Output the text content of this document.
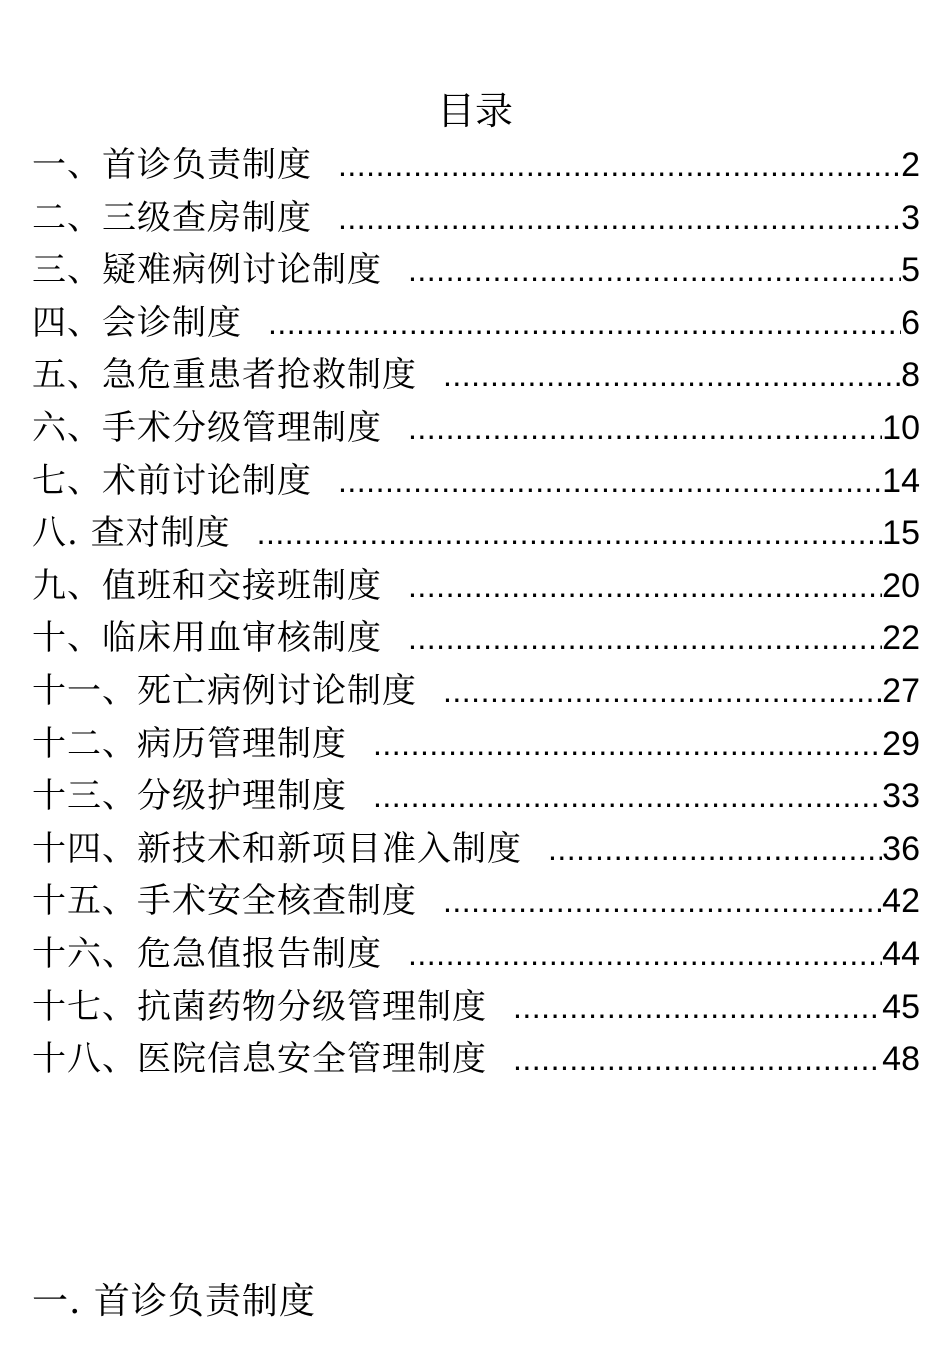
目录
一、首诊负责制度 .....	2
二、三级查房制度 .....	3
三、疑难病例讨论制度 .....	5
四、会诊制度 .....	6
五、急危重患者抢救制度 .....	8
六、手术分级管理制度 .....	10
七、术前讨论制度 .....	14
八. 查对制度 .....	15
九、值班和交接班制度 .....	20
十、临床用血审核制度 .....	22
十一、死亡病例讨论制度 .....	27
十二、病历管理制度 .....	29
十三、分级护理制度 .....	33
十四、新技术和新项目准入制度 .....	36
十五、手术安全核查制度 .....	42
十六、危急值报告制度 .....	44
十七、抗菌药物分级管理制度 .....	45
十八、医院信息安全管理制度 .....	48
一. 首诊负责制度
